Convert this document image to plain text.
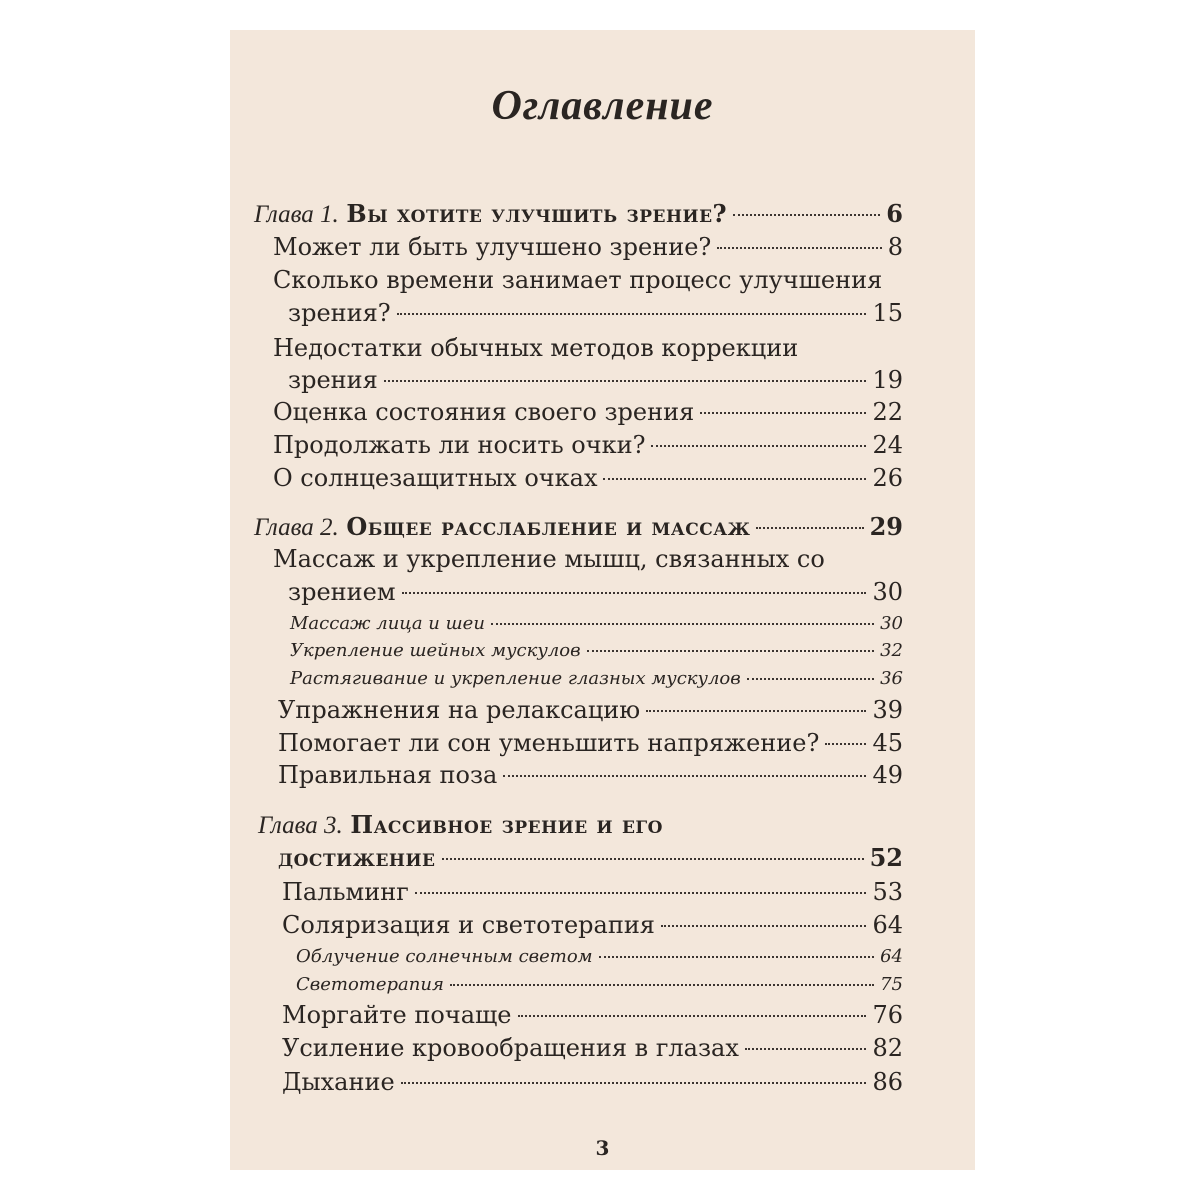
Оглавление
Глава 1. Вы хотите улучшить зрение?	6
Может ли быть улучшено зрение?	8
Сколько времени занимает процесс улучшения
зрения?	15
Недостатки обычных методов коррекции
зрения	19
Оценка состояния своего зрения	22
Продолжать ли носить очки?	24
О солнцезащитных очках	26
Глава 2. Общее расслабление и массаж	29
Массаж и укрепление мышц, связанных со
зрением	30
Массаж лица и шеи	30
Укрепление шейных мускулов	32
Растягивание и укрепление глазных мускулов	36
Упражнения на релаксацию	39
Помогает ли сон уменьшить напряжение? 45
Правильная поза	49
Глава 3. Пассивное зрение и его
достижение	52
Пальминг	53
Соляризация и светотерапия	64
Облучение солнечным светом	64
Светотерапия	75
Моргайте почаще	76
Усиление кровообращения в глазах	82
Дыхание	86
3
